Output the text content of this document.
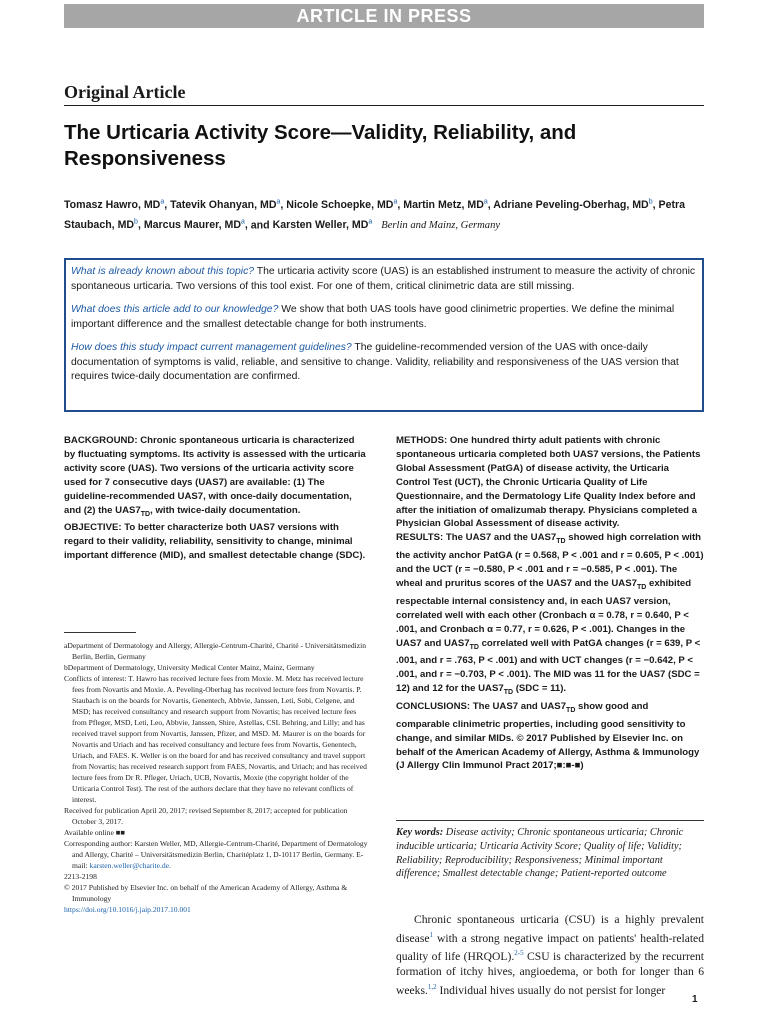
ARTICLE IN PRESS
Original Article
The Urticaria Activity Score—Validity, Reliability, and Responsiveness
Tomasz Hawro, $MD^a$, Tatevik Ohanyan, $MD^a$, Nicole Schoepke, $MD^a$, Martin Metz, $MD^a$, Adriane Peveling-Oberhag, $MD^b$, Petra Staubach, $MD^b$, Marcus Maurer, $MD^a$, and Karsten Weller, $MD^a$ Berlin and Mainz, Germany

What is already known about this topic? The urticaria activity score (UAS) is an established instrument to measure the activity of chronic spontaneous urticaria. Two versions of this tool exist. For one of them, critical clinimetric data are still missing.

What does this article add to our knowledge? We show that both UAS tools have good clinimetric properties. We define the minimal important difference and the smallest detectable change for both instruments.

How does this study impact current management guidelines? The guideline-recommended version of the UAS with once-daily documentation of symptoms is valid, reliable, and sensitive to change. Validity, reliability and responsiveness of the UAS version that requires twice-daily documentation are confirmed.

BACKGROUND: Chronic spontaneous urticaria is characterized by fluctuating symptoms. Its activity is assessed with the urticaria activity score (UAS). Two versions of the urticaria activity score used for 7 consecutive days (UAS7) are available: (1) The guideline-recommended UAS7, with once-daily documentation, and (2) the $UAS7_{TD}$, with twice-daily documentation.

OBJECTIVE: To better characterize both UAS7 versions with regard to their validity, reliability, sensitivity to change, minimal important difference (MID), and smallest detectable change (SDC).

METHODS: One hundred thirty adult patients with chronic spontaneous urticaria completed both UAS7 versions, the Patients Global Assessment (PatGA) of disease activity, the Urticaria Control Test (UCT), the Chronic Urticaria Quality of Life Questionnaire, and the Dermatology Life Quality Index before and after the initiation of omalizumab therapy. Physicians completed a Physician Global Assessment of disease activity.

RESULTS: The UAS7 and the $UAS7_{TD}$ showed high correlation with the activity anchor PatGA (r = 0.568, P < .001 and r = 0.605, P < .001) and the UCT (r = −0.580, P < .001 and r = −0.585, P < .001). The wheal and pruritus scores of the UAS7 and the $UAS7_{TD}$ exhibited respectable internal consistency and, in each UAS7 version, correlated well with each other (Cronbach α = 0.78, r = 0.640, P < .001, and Cronbach α = 0.77, r = 0.626, P < .001). Changes in the UAS7 and $UAS7_{TD}$ correlated well with PatGA changes (r = 639, P < .001, and r = .763, P < .001) and with UCT changes (r = −0.642, P < .001, and r = −0.703, P < .001). The MID was 11 for the UAS7 (SDC = 12) and 12 for the $UAS7_{TD}$ (SDC = 11).

CONCLUSIONS: The UAS7 and $UAS7_{TD}$ show good and comparable clinimetric properties, including good sensitivity to change, and similar MIDs. © 2017 Published by Elsevier Inc. on behalf of the American Academy of Allergy, Asthma & Immunology (J Allergy Clin Immunol Pract 2017;■:■-■)

aDepartment of Dermatology and Allergy, Allergie-Centrum-Charité, Charité - Universitätsmedizin Berlin, Berlin, Germany

bDepartment of Dermatology, University Medical Center Mainz, Mainz, Germany

Conflicts of interest: T. Hawro has received lecture fees from Moxie. M. Metz has received lecture fees from Novartis and Moxie. A. Peveling-Oberhag has received lecture fees from Novartis. P. Staubach is on the boards for Novartis, Genentech, Abbvie, Janssen, Leti, Sobi, Celgene, and MSD; has received consultancy and research support from Novartis; has received lecture fees from Pfleger, MSD, Leti, Leo, Abbvie, Janssen, Shire, Astellas, CSL Behring, and Lilly; and has received travel support from Novartis, Janssen, Pfizer, and MSD. M. Maurer is on the boards for Novartis and Uriach and has received consultancy and lecture fees from Novartis, Genentech, Uriach, and FAES. K. Weller is on the board for and has received consultancy and travel support from Novartis; has received research support from FAES, Novartis, and Uriach; and has received lecture fees from Dr R. Pfleger, Uriach, UCB, Novartis, Moxie (the copyright holder of the Urticaria Control Test). The rest of the authors declare that they have no relevant conflicts of interest.

Received for publication April 20, 2017; revised September 8, 2017; accepted for publication October 3, 2017.

Available online ■■

Corresponding author: Karsten Weller, MD, Allergie-Centrum-Charité, Department of Dermatology and Allergy, Charité – Universitätsmedizin Berlin, Charitéplatz 1, D-10117 Berlin, Germany. E-mail: karsten.weller@charite.de.

2213-2198

© 2017 Published by Elsevier Inc. on behalf of the American Academy of Allergy, Asthma & Immunology

https://doi.org/10.1016/j.jaip.2017.10.001

Key words: Disease activity; Chronic spontaneous urticaria; Chronic inducible urticaria; Urticaria Activity Score; Quality of life; Validity; Reliability; Reproducibility; Responsiveness; Minimal important difference; Smallest detectable change; Patient-reported outcome

Chronic spontaneous urticaria (CSU) is a highly prevalent disease$^1$ with a strong negative impact on patients' health-related quality of life (HRQOL).$^{2-5}$ CSU is characterized by the recurrent formation of itchy hives, angioedema, or both for longer than 6 weeks.$^{1,2}$ Individual hives usually do not persist for longer

1
